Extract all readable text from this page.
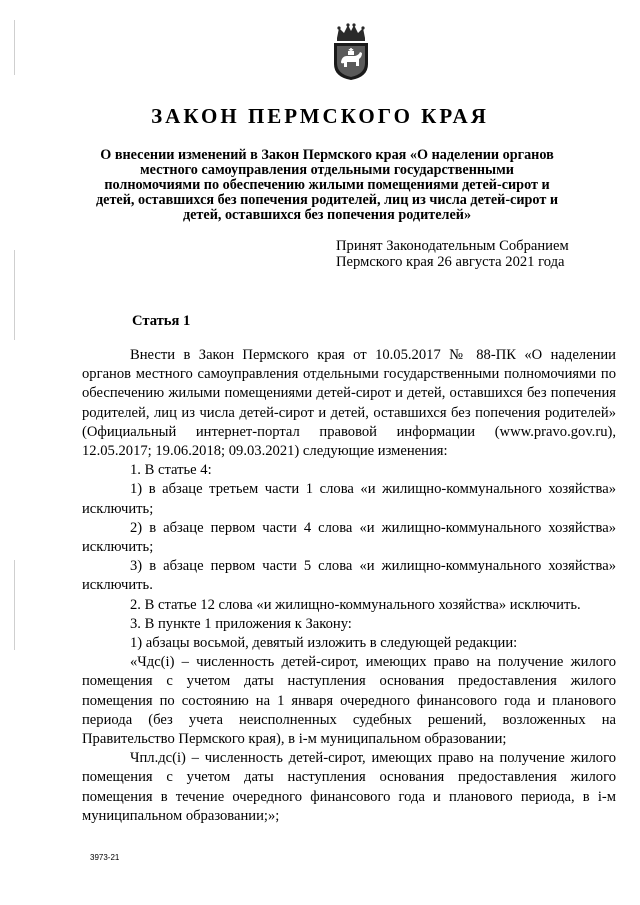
ЗАКОН ПЕРМСКОГО КРАЯ
О внесении изменений в Закон Пермского края «О наделении органов местного самоуправления отдельными государственными полномочиями по обеспечению жилыми помещениями детей-сирот и детей, оставшихся без попечения родителей, лиц из числа детей-сирот и детей, оставшихся без попечения родителей»
Принят Законодательным Собранием
Пермского края 26 августа 2021 года
Статья 1

Внести в Закон Пермского края от 10.05.2017 № 88-ПК «О наделении органов местного самоуправления отдельными государственными полномочиями по обеспечению жилыми помещениями детей-сирот и детей, оставшихся без попечения родителей, лиц из числа детей-сирот и детей, оставшихся без попечения родителей» (Официальный интернет-портал правовой информации (www.pravo.gov.ru), 12.05.2017; 19.06.2018; 09.03.2021) следующие изменения:

1. В статье 4:

1) в абзаце третьем части 1 слова «и жилищно-коммунального хозяйства» исключить;

2) в абзаце первом части 4 слова «и жилищно-коммунального хозяйства» исключить;

3) в абзаце первом части 5 слова «и жилищно-коммунального хозяйства» исключить.

2. В статье 12 слова «и жилищно-коммунального хозяйства» исключить.

3. В пункте 1 приложения к Закону:

1) абзацы восьмой, девятый изложить в следующей редакции:

«Чдс(i) – численность детей-сирот, имеющих право на получение жилого помещения с учетом даты наступления основания предоставления жилого помещения по состоянию на 1 января очередного финансового года и планового периода (без учета неисполненных судебных решений, возложенных на Правительство Пермского края), в i-м муниципальном образовании;

Чпл.дс(i) – численность детей-сирот, имеющих право на получение жилого помещения с учетом даты наступления основания предоставления жилого помещения в течение очередного финансового года и планового периода, в i-м муниципальном образовании;»;

3973-21
